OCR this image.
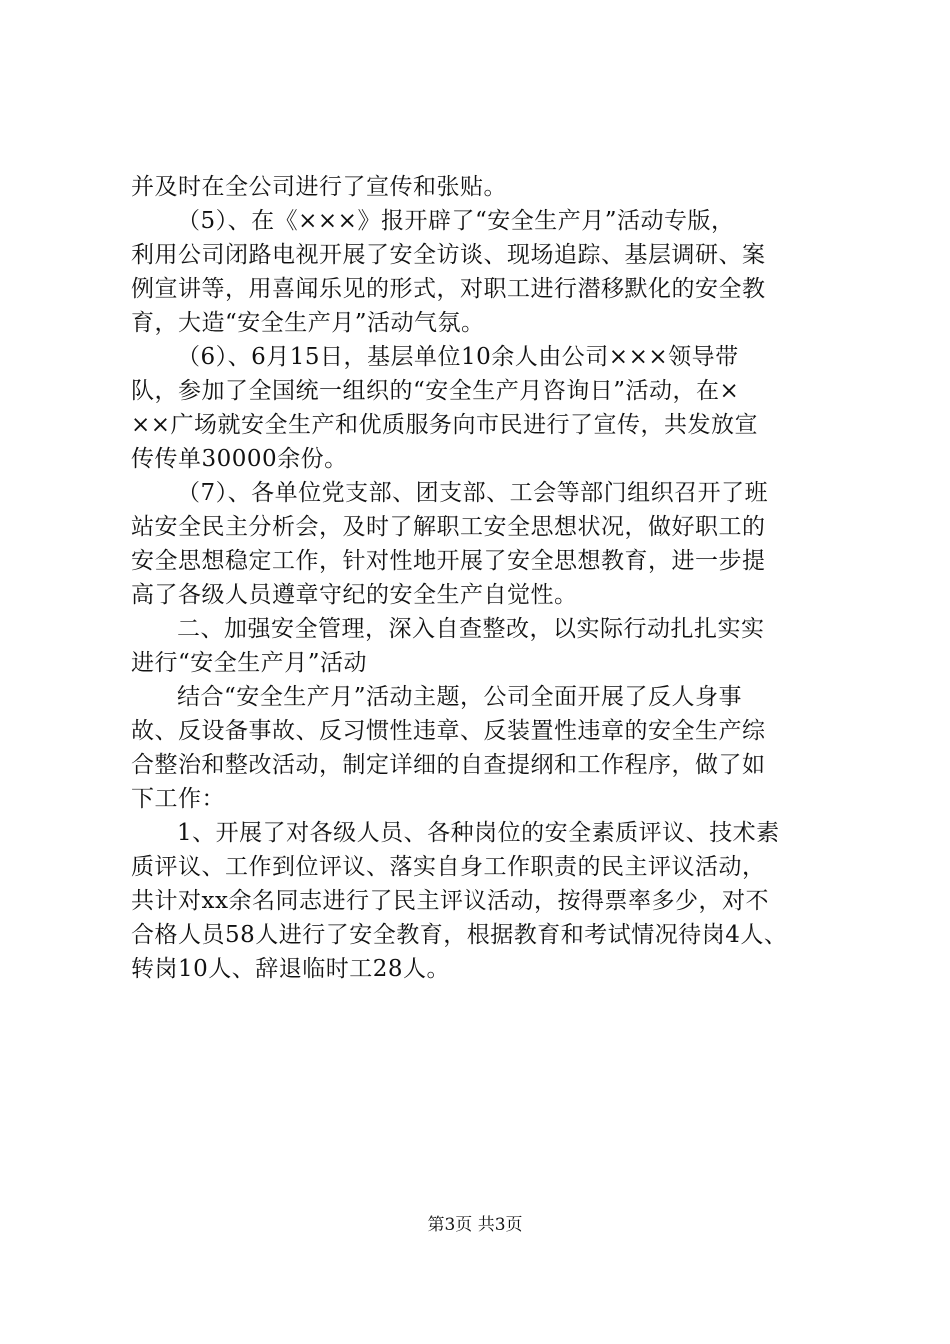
并及时在全公司进行了宣传和张贴。
（5）、在《×××》报开辟了“安全生产月”活动专版，
利用公司闭路电视开展了安全访谈、现场追踪、基层调研、案
例宣讲等，用喜闻乐见的形式，对职工进行潜移默化的安全教
育，大造“安全生产月”活动气氛。
（6）、6月15日，基层单位10余人由公司×××领导带
队，参加了全国统一组织的“安全生产月咨询日”活动，在×
××广场就安全生产和优质服务向市民进行了宣传，共发放宣
传传单30000余份。
（7）、各单位党支部、团支部、工会等部门组织召开了班
站安全民主分析会，及时了解职工安全思想状况，做好职工的
安全思想稳定工作，针对性地开展了安全思想教育，进一步提
高了各级人员遵章守纪的安全生产自觉性。
二、加强安全管理，深入自查整改，以实际行动扎扎实实
进行“安全生产月”活动
结合“安全生产月”活动主题，公司全面开展了反人身事
故、反设备事故、反习惯性违章、反装置性违章的安全生产综
合整治和整改活动，制定详细的自查提纲和工作程序，做了如
下工作：
1、开展了对各级人员、各种岗位的安全素质评议、技术素
质评议、工作到位评议、落实自身工作职责的民主评议活动，
共计对xx余名同志进行了民主评议活动，按得票率多少，对不
合格人员58人进行了安全教育，根据教育和考试情况待岗4人、
转岗10人、辞退临时工28人。
第3页 共3页
